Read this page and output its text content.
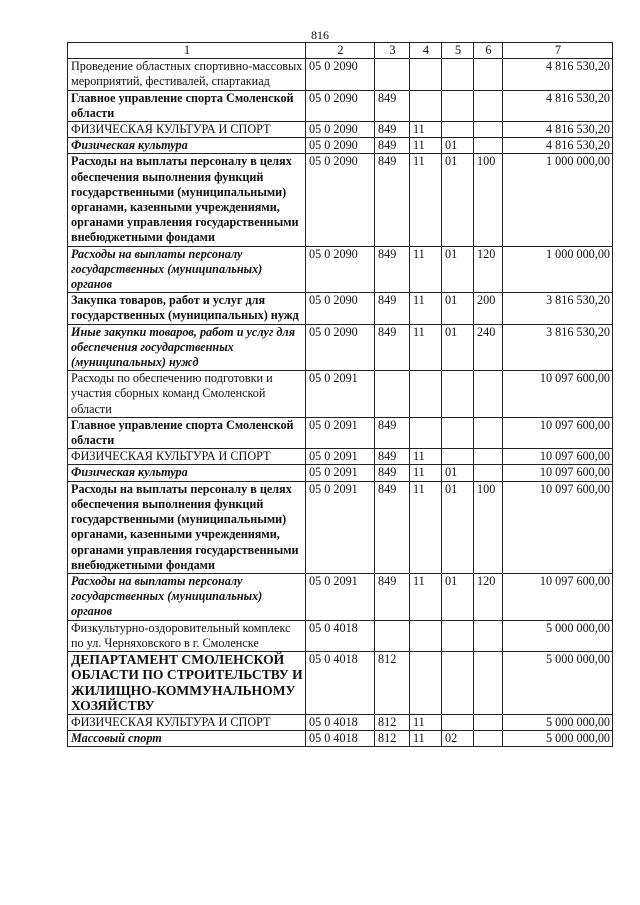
816
1	2	3	4	5	6	7
Проведение областных спортивно-массовых мероприятий, фестивалей, спартакиад	05 0 2090					4 816 530,20
Главное управление спорта Смоленской области	05 0 2090	849				4 816 530,20
ФИЗИЧЕСКАЯ КУЛЬТУРА И СПОРТ	05 0 2090	849	11			4 816 530,20
Физическая культура	05 0 2090	849	11	01		4 816 530,20
Расходы на выплаты персоналу в целях обеспечения выполнения функций государственными (муниципальными) органами, казенными учреждениями, органами управления государственными внебюджетными фондами	05 0 2090	849	11	01	100	1 000 000,00
Расходы на выплаты персоналу государственных (муниципальных) органов	05 0 2090	849	11	01	120	1 000 000,00
Закупка товаров, работ и услуг для государственных (муниципальных) нужд	05 0 2090	849	11	01	200	3 816 530,20
Иные закупки товаров, работ и услуг для обеспечения государственных (муниципальных) нужд	05 0 2090	849	11	01	240	3 816 530,20
Расходы по обеспечению подготовки и участия сборных команд Смоленской области	05 0 2091					10 097 600,00
Главное управление спорта Смоленской области	05 0 2091	849				10 097 600,00
ФИЗИЧЕСКАЯ КУЛЬТУРА И СПОРТ	05 0 2091	849	11			10 097 600,00
Физическая культура	05 0 2091	849	11	01		10 097 600,00
Расходы на выплаты персоналу в целях обеспечения выполнения функций государственными (муниципальными) органами, казенными учреждениями, органами управления государственными внебюджетными фондами	05 0 2091	849	11	01	100	10 097 600,00
Расходы на выплаты персоналу государственных (муниципальных) органов	05 0 2091	849	11	01	120	10 097 600,00
Физкультурно-оздоровительный комплекс по ул. Черняховского в г. Смоленске	05 0 4018					5 000 000,00
ДЕПАРТАМЕНТ СМОЛЕНСКОЙ ОБЛАСТИ ПО СТРОИТЕЛЬСТВУ И ЖИЛИЩНО-КОММУНАЛЬНОМУ ХОЗЯЙСТВУ	05 0 4018	812				5 000 000,00
ФИЗИЧЕСКАЯ КУЛЬТУРА И СПОРТ	05 0 4018	812	11			5 000 000,00
Массовый спорт	05 0 4018	812	11	02		5 000 000,00
